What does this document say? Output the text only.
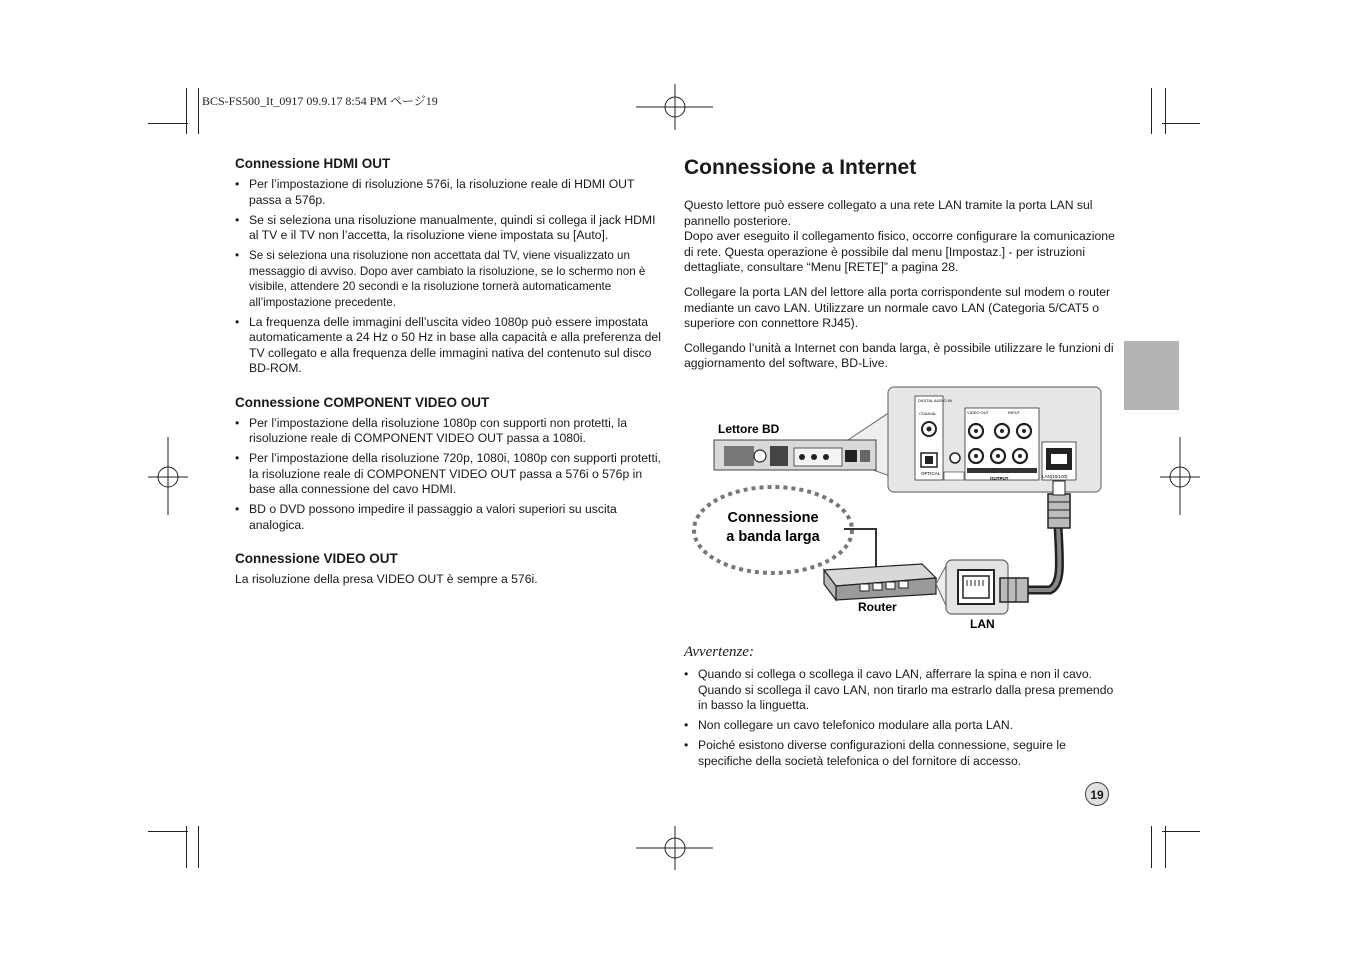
BCS-FS500_It_0917 09.9.17 8:54 PM ページ19
Connessione HDMI OUT
• Per l’impostazione di risoluzione 576i, la risoluzione reale di HDMI OUT passa a 576p.
• Se si seleziona una risoluzione manualmente, quindi si collega il jack HDMI al TV e il TV non l’accetta, la risoluzione viene impostata su [Auto].
• Se si seleziona una risoluzione non accettata dal TV, viene visualizzato un messaggio di avviso. Dopo aver cambiato la risoluzione, se lo schermo non è visibile, attendere 20 secondi e la risoluzione tornerà automaticamente all’impostazione precedente.
• La frequenza delle immagini dell’uscita video 1080p può essere impostata automaticamente a 24 Hz o 50 Hz in base alla capacità e alla preferenza del TV collegato e alla frequenza delle immagini nativa del contenuto sul disco BD-ROM.
Connessione COMPONENT VIDEO OUT
• Per l’impostazione della risoluzione 1080p con supporti non protetti, la risoluzione reale di COMPONENT VIDEO OUT passa a 1080i.
• Per l’impostazione della risoluzione 720p, 1080i, 1080p con supporti protetti, la risoluzione reale di COMPONENT VIDEO OUT passa a 576i o 576p in base alla connessione del cavo HDMI.
• BD o DVD possono impedire il passaggio a valori superiori su uscita analogica.
Connessione VIDEO OUT

La risoluzione della presa VIDEO OUT è sempre a 576i.

Connessione a Internet

Questo lettore può essere collegato a una rete LAN tramite la porta LAN sul pannello posteriore.

Dopo aver eseguito il collegamento fisico, occorre configurare la comunicazione di rete. Questa operazione è possibile dal menu [Impostaz.] - per istruzioni dettagliate, consultare “Menu [RETE]” a pagina 28.

Collegare la porta LAN del lettore alla porta corrispondente sul modem o router mediante un cavo LAN. Utilizzare un normale cavo LAN (Categoria 5/CAT5 o superiore con connettore RJ45).

Collegando l’unità a Internet con banda larga, è possibile utilizzare le funzioni di aggiornamento del software, BD-Live.

DIGITAL AUDIO IN
COAXIAL
OPTICAL
VIDEO OUT	INPUT
OUTPUT	LAN(10/100)
Lettore BD
Connessione
a banda larga
Router
LAN
Avvertenze:
• Quando si collega o scollega il cavo LAN, afferrare la spina e non il cavo. Quando si scollega il cavo LAN, non tirarlo ma estrarlo dalla presa premendo in basso la linguetta.
• Non collegare un cavo telefonico modulare alla porta LAN.
• Poiché esistono diverse configurazioni della connessione, seguire le specifiche della società telefonica o del fornitore di accesso.
19
